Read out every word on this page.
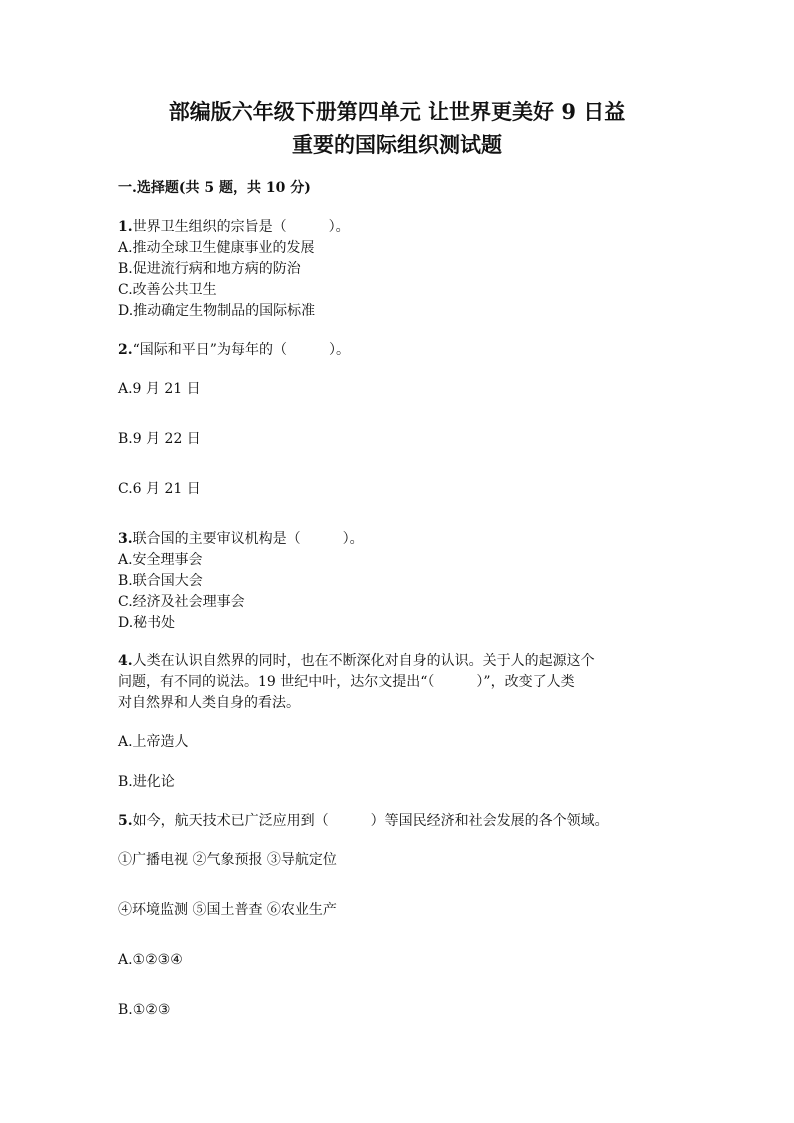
部编版六年级下册第四单元 让世界更美好 9 日益
重要的国际组织测试题
一.选择题(共 5 题，共 10 分)
1.世界卫生组织的宗旨是（　　　）。
A.推动全球卫生健康事业的发展
B.促进流行病和地方病的防治
C.改善公共卫生
D.推动确定生物制品的国际标准
2.“国际和平日”为每年的（　　　）。
A.9 月 21 日
B.9 月 22 日
C.6 月 21 日
3.联合国的主要审议机构是（　　　）。
A.安全理事会
B.联合国大会
C.经济及社会理事会
D.秘书处
4.人类在认识自然界的同时，也在不断深化对自身的认识。关于人的起源这个
问题，有不同的说法。19 世纪中叶，达尔文提出“（　　　）”，改变了人类
对自然界和人类自身的看法。
A.上帝造人
B.进化论
5.如今，航天技术已广泛应用到（　　　）等国民经济和社会发展的各个领域。
①广播电视 ②气象预报 ③导航定位
④环境监测 ⑤国土普查 ⑥农业生产
A.①②③④
B.①②③
